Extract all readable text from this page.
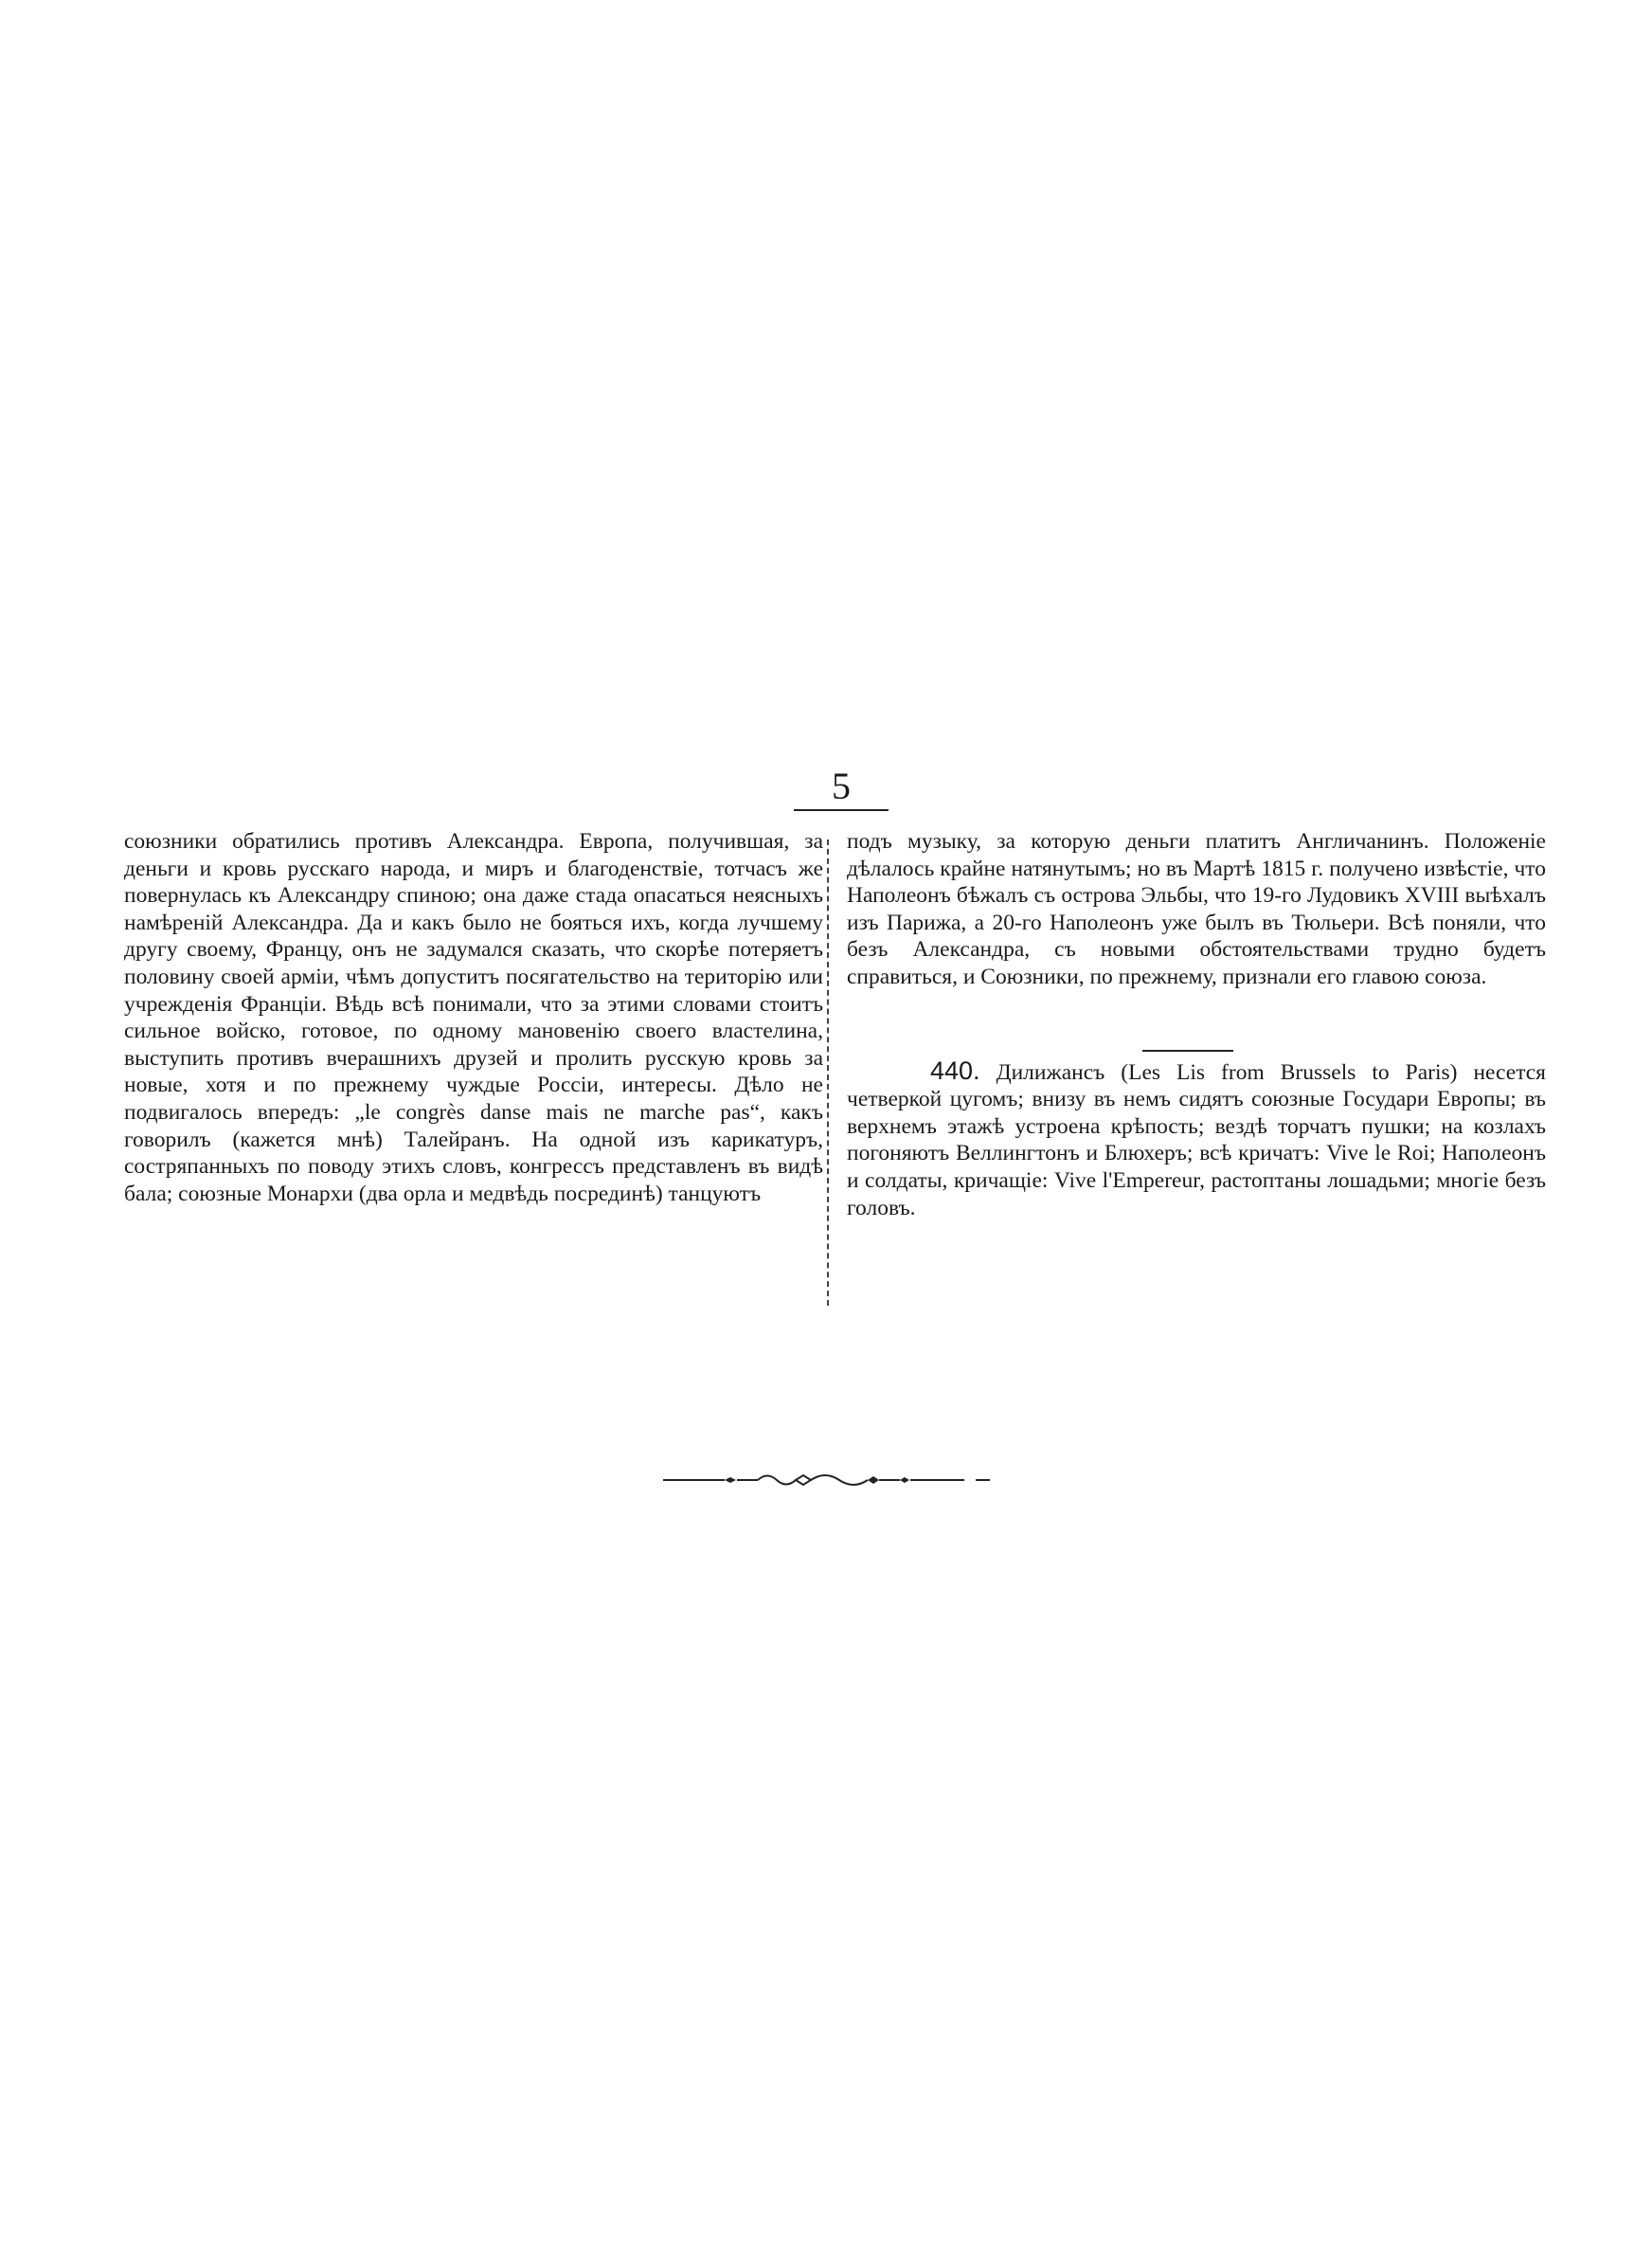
5

союзники обратились противъ Александра. Европа, получившая, за деньги и кровь русскаго народа, и миръ и благоденствіе, тотчасъ же повернулась къ Александру спиною; она даже стада опасаться неясныхъ намѣреній Александра. Да и какъ было не бояться ихъ, когда лучшему другу своему, Францу, онъ не задумался сказать, что скорѣе потеряетъ половину своей арміи, чѣмъ допуститъ посягательство на територію или учрежденія Франціи. Вѣдь всѣ понимали, что за этими словами стоитъ сильное войско, готовое, по одному мановенію своего властелина, выступить противъ вчерашнихъ друзей и пролить русскую кровь за новые, хотя и по прежнему чуждые Россіи, интересы. Дѣло не подвигалось впередъ: „le congrès danse mais ne marche pas“, какъ говорилъ (кажется мнѣ) Талейранъ. На одной изъ карикатуръ, состряпанныхъ по поводу этихъ словъ, конгрессъ представленъ въ видѣ бала; союзные Монархи (два орла и медвѣдь посрединѣ) танцуютъ

подъ музыку, за которую деньги платитъ Англичанинъ. Положеніе дѣлалось крайне натянутымъ; но въ Мартѣ 1815 г. получено извѣстіе, что Наполеонъ бѣжалъ съ острова Эльбы, что 19-го Лудовикъ XVIII выѣхалъ изъ Парижа, а 20-го Наполеонъ уже былъ въ Тюльери. Всѣ поняли, что безъ Александра, съ новыми обстоятельствами трудно будетъ справиться, и Союзники, по прежнему, признали его главою союза.

440. Дилижансъ (Les Lis from Brussels to Paris) несется четверкой цугомъ; внизу въ немъ сидятъ союзные Государи Европы; въ верхнемъ этажѣ устроена крѣпость; вездѣ торчатъ пушки; на козлахъ погоняютъ Веллингтонъ и Блюхеръ; всѣ кричатъ: Vive le Roi; Наполеонъ и солдаты, кричащіе: Vive l'Empereur, растоптаны лошадьми; многіе безъ головъ.
